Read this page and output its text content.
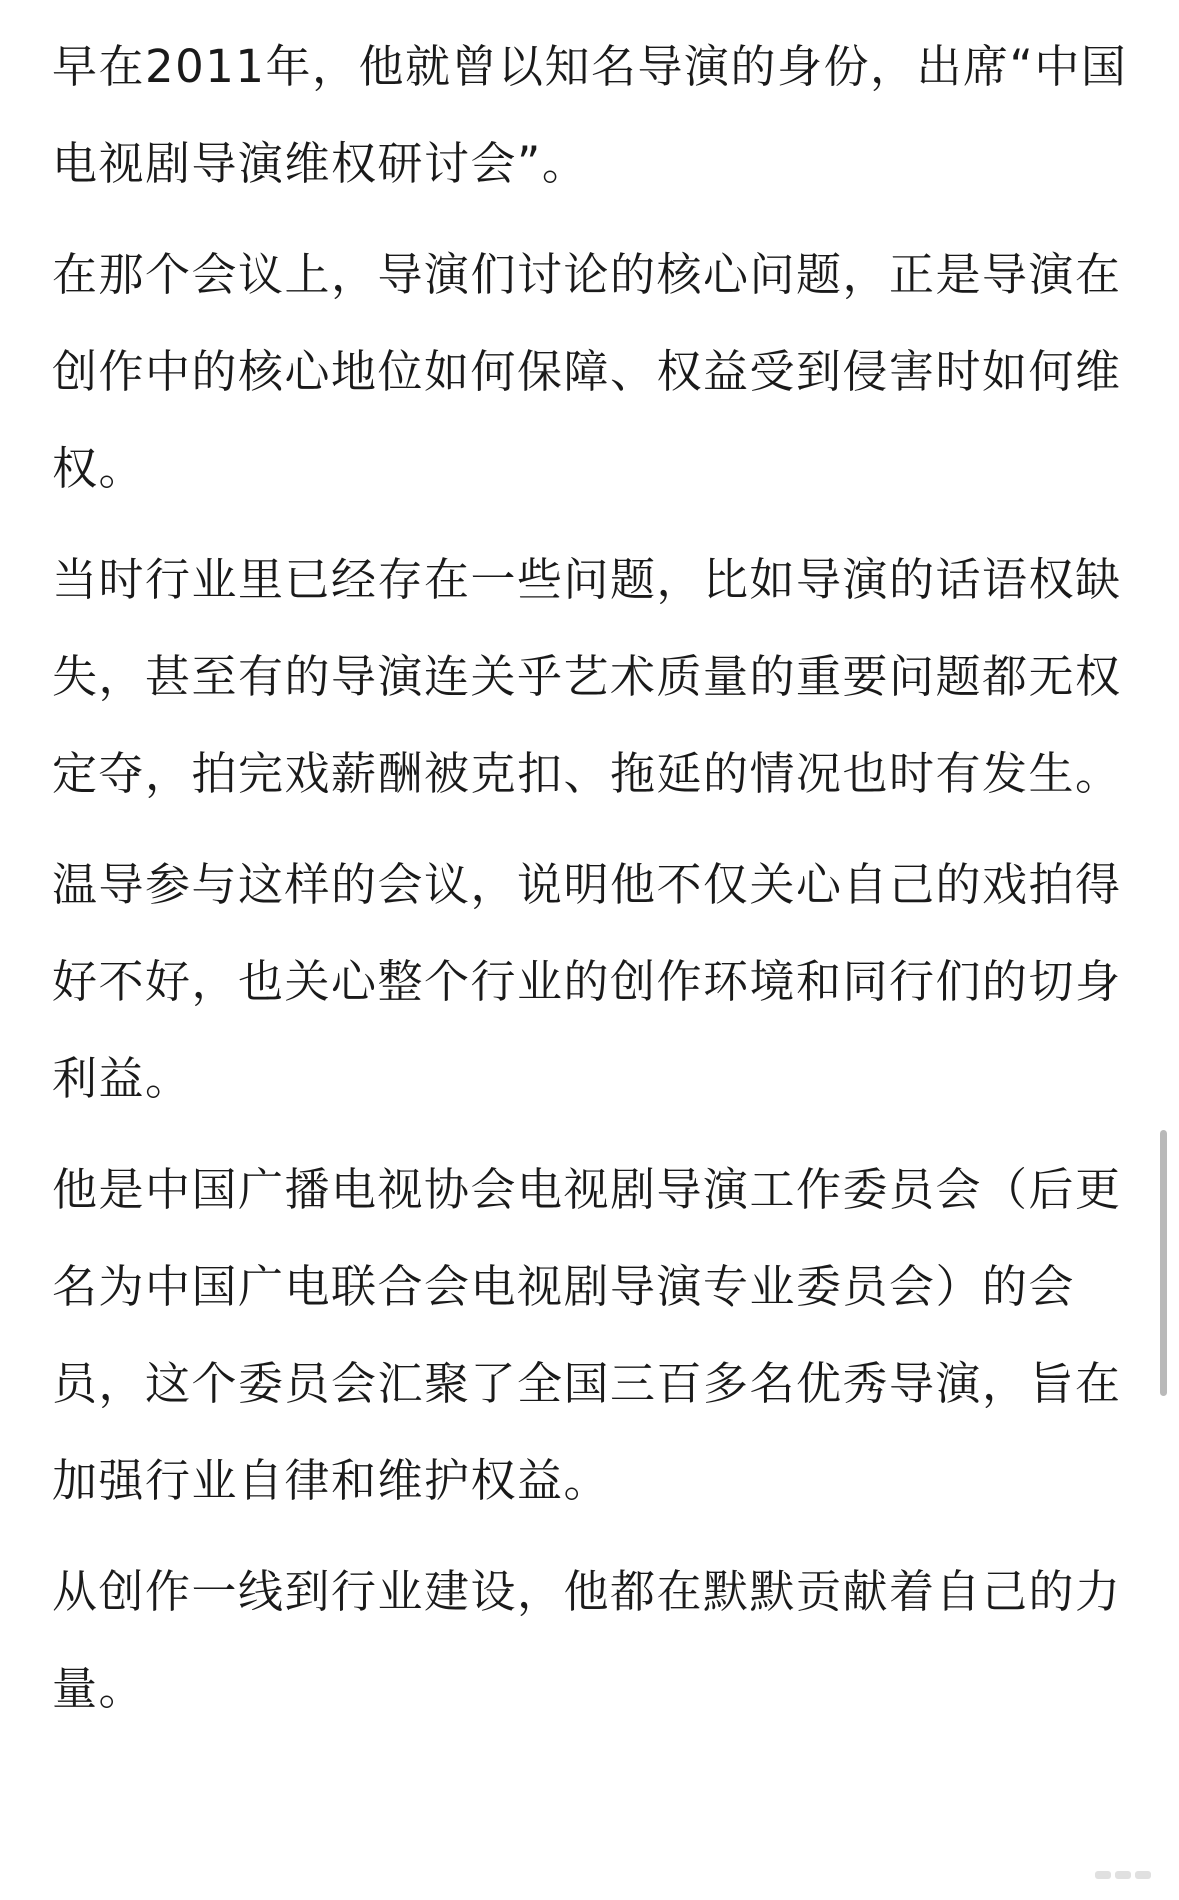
早在2011年，他就曾以知名导演的身份，出席“中国电视剧导演维权研讨会”。

在那个会议上，导演们讨论的核心问题，正是导演在创作中的核心地位如何保障、权益受到侵害时如何维权。

当时行业里已经存在一些问题，比如导演的话语权缺失，甚至有的导演连关乎艺术质量的重要问题都无权定夺，拍完戏薪酬被克扣、拖延的情况也时有发生。

温导参与这样的会议，说明他不仅关心自己的戏拍得好不好，也关心整个行业的创作环境和同行们的切身利益。

他是中国广播电视协会电视剧导演工作委员会（后更名为中国广电联合会电视剧导演专业委员会）的会员，这个委员会汇聚了全国三百多名优秀导演，旨在加强行业自律和维护权益。

从创作一线到行业建设，他都在默默贡献着自己的力量。
